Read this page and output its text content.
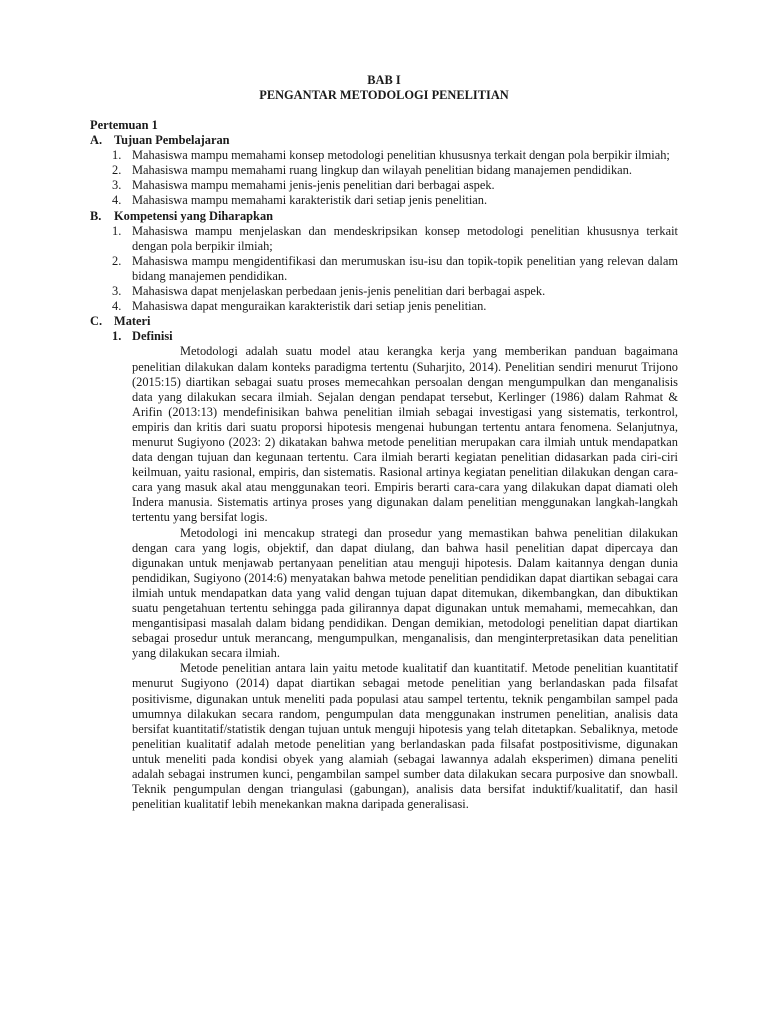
BAB I
PENGANTAR METODOLOGI PENELITIAN
Pertemuan 1
A. Tujuan Pembelajaran
1. Mahasiswa mampu memahami konsep metodologi penelitian khususnya terkait dengan pola berpikir ilmiah;
2. Mahasiswa mampu memahami ruang lingkup dan wilayah penelitian bidang manajemen pendidikan.
3. Mahasiswa mampu memahami jenis-jenis penelitian dari berbagai aspek.
4. Mahasiswa mampu memahami karakteristik dari setiap jenis penelitian.
B. Kompetensi yang Diharapkan
1. Mahasiswa mampu menjelaskan dan mendeskripsikan konsep metodologi penelitian khususnya terkait dengan pola berpikir ilmiah;
2. Mahasiswa mampu mengidentifikasi dan merumuskan isu-isu dan topik-topik penelitian yang relevan dalam bidang manajemen pendidikan.
3. Mahasiswa dapat menjelaskan perbedaan jenis-jenis penelitian dari berbagai aspek.
4. Mahasiswa dapat menguraikan karakteristik dari setiap jenis penelitian.
C. Materi
1. Definisi

Metodologi adalah suatu model atau kerangka kerja yang memberikan panduan bagaimana penelitian dilakukan dalam konteks paradigma tertentu (Suharjito, 2014). Penelitian sendiri menurut Trijono (2015:15) diartikan sebagai suatu proses memecahkan persoalan dengan mengumpulkan dan menganalisis data yang dilakukan secara ilmiah. Sejalan dengan pendapat tersebut, Kerlinger (1986) dalam Rahmat & Arifin (2013:13) mendefinisikan bahwa penelitian ilmiah sebagai investigasi yang sistematis, terkontrol, empiris dan kritis dari suatu proporsi hipotesis mengenai hubungan tertentu antara fenomena. Selanjutnya, menurut Sugiyono (2023: 2) dikatakan bahwa metode penelitian merupakan cara ilmiah untuk mendapatkan data dengan tujuan dan kegunaan tertentu. Cara ilmiah berarti kegiatan penelitian didasarkan pada ciri-ciri keilmuan, yaitu rasional, empiris, dan sistematis. Rasional artinya kegiatan penelitian dilakukan dengan cara-cara yang masuk akal atau menggunakan teori. Empiris berarti cara-cara yang dilakukan dapat diamati oleh Indera manusia. Sistematis artinya proses yang digunakan dalam penelitian menggunakan langkah-langkah tertentu yang bersifat logis.

Metodologi ini mencakup strategi dan prosedur yang memastikan bahwa penelitian dilakukan dengan cara yang logis, objektif, dan dapat diulang, dan bahwa hasil penelitian dapat dipercaya dan digunakan untuk menjawab pertanyaan penelitian atau menguji hipotesis. Dalam kaitannya dengan dunia pendidikan, Sugiyono (2014:6) menyatakan bahwa metode penelitian pendidikan dapat diartikan sebagai cara ilmiah untuk mendapatkan data yang valid dengan tujuan dapat ditemukan, dikembangkan, dan dibuktikan suatu pengetahuan tertentu sehingga pada gilirannya dapat digunakan untuk memahami, memecahkan, dan mengantisipasi masalah dalam bidang pendidikan. Dengan demikian, metodologi penelitian dapat diartikan sebagai prosedur untuk merancang, mengumpulkan, menganalisis, dan menginterpretasikan data penelitian yang dilakukan secara ilmiah.

Metode penelitian antara lain yaitu metode kualitatif dan kuantitatif. Metode penelitian kuantitatif menurut Sugiyono (2014) dapat diartikan sebagai metode penelitian yang berlandaskan pada filsafat positivisme, digunakan untuk meneliti pada populasi atau sampel tertentu, teknik pengambilan sampel pada umumnya dilakukan secara random, pengumpulan data menggunakan instrumen penelitian, analisis data bersifat kuantitatif/statistik dengan tujuan untuk menguji hipotesis yang telah ditetapkan. Sebaliknya, metode penelitian kualitatif adalah metode penelitian yang berlandaskan pada filsafat postpositivisme, digunakan untuk meneliti pada kondisi obyek yang alamiah (sebagai lawannya adalah eksperimen) dimana peneliti adalah sebagai instrumen kunci, pengambilan sampel sumber data dilakukan secara purposive dan snowball. Teknik pengumpulan dengan triangulasi (gabungan), analisis data bersifat induktif/kualitatif, dan hasil penelitian kualitatif lebih menekankan makna daripada generalisasi.
